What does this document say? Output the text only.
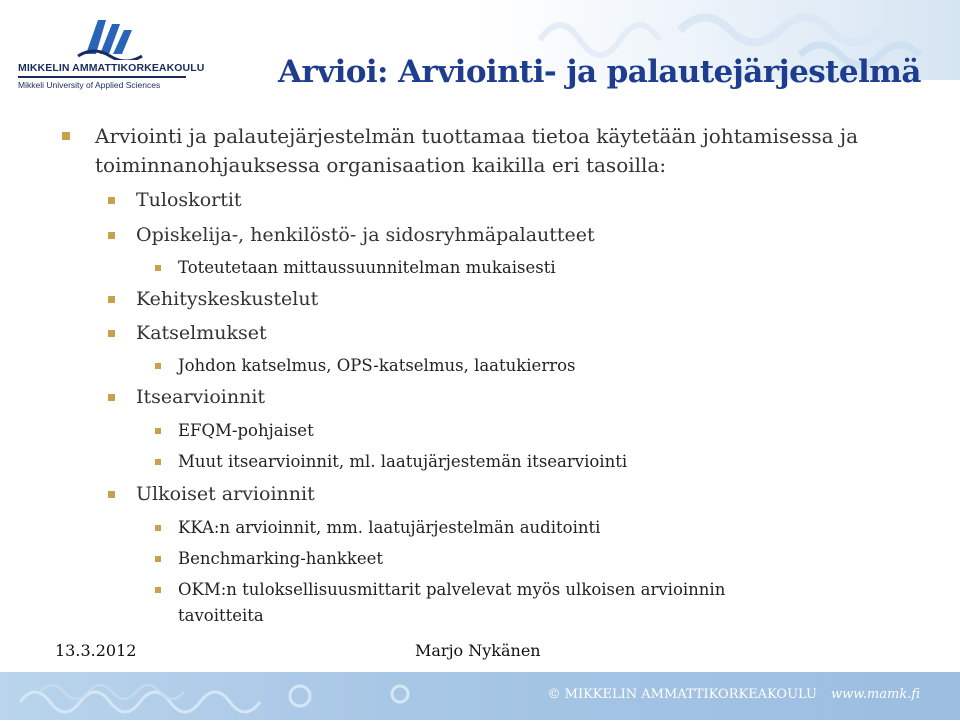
MIKKELIN AMMATTIKORKEAKOULU
Mikkeli University of Applied Sciences	Arvioi: Arviointi- ja palautejärjestelmä
Arviointi ja palautejärjestelmän tuottamaa tietoa käytetään johtamisessa ja
toiminnanohjauksessa organisaation kaikilla eri tasoilla:
Tuloskortit
Opiskelija-, henkilöstö- ja sidosryhmäpalautteet
Toteutetaan mittaussuunnitelman mukaisesti
Kehityskeskustelut
Katselmukset
Johdon katselmus, OPS-katselmus, laatukierros
Itsearvioinnit
EFQM-pohjaiset
Muut itsearvioinnit, ml. laatujärjestemän itsearviointi
Ulkoiset arvioinnit
KKA:n arvioinnit, mm. laatujärjestelmän auditointi
Benchmarking-hankkeet
OKM:n tuloksellisuusmittarit palvelevat myös ulkoisen arvioinnin
tavoitteita
13.3.2012	Marjo Nykänen
© MIKKELIN AMMATTIKORKEAKOULU www.mamk.fi
